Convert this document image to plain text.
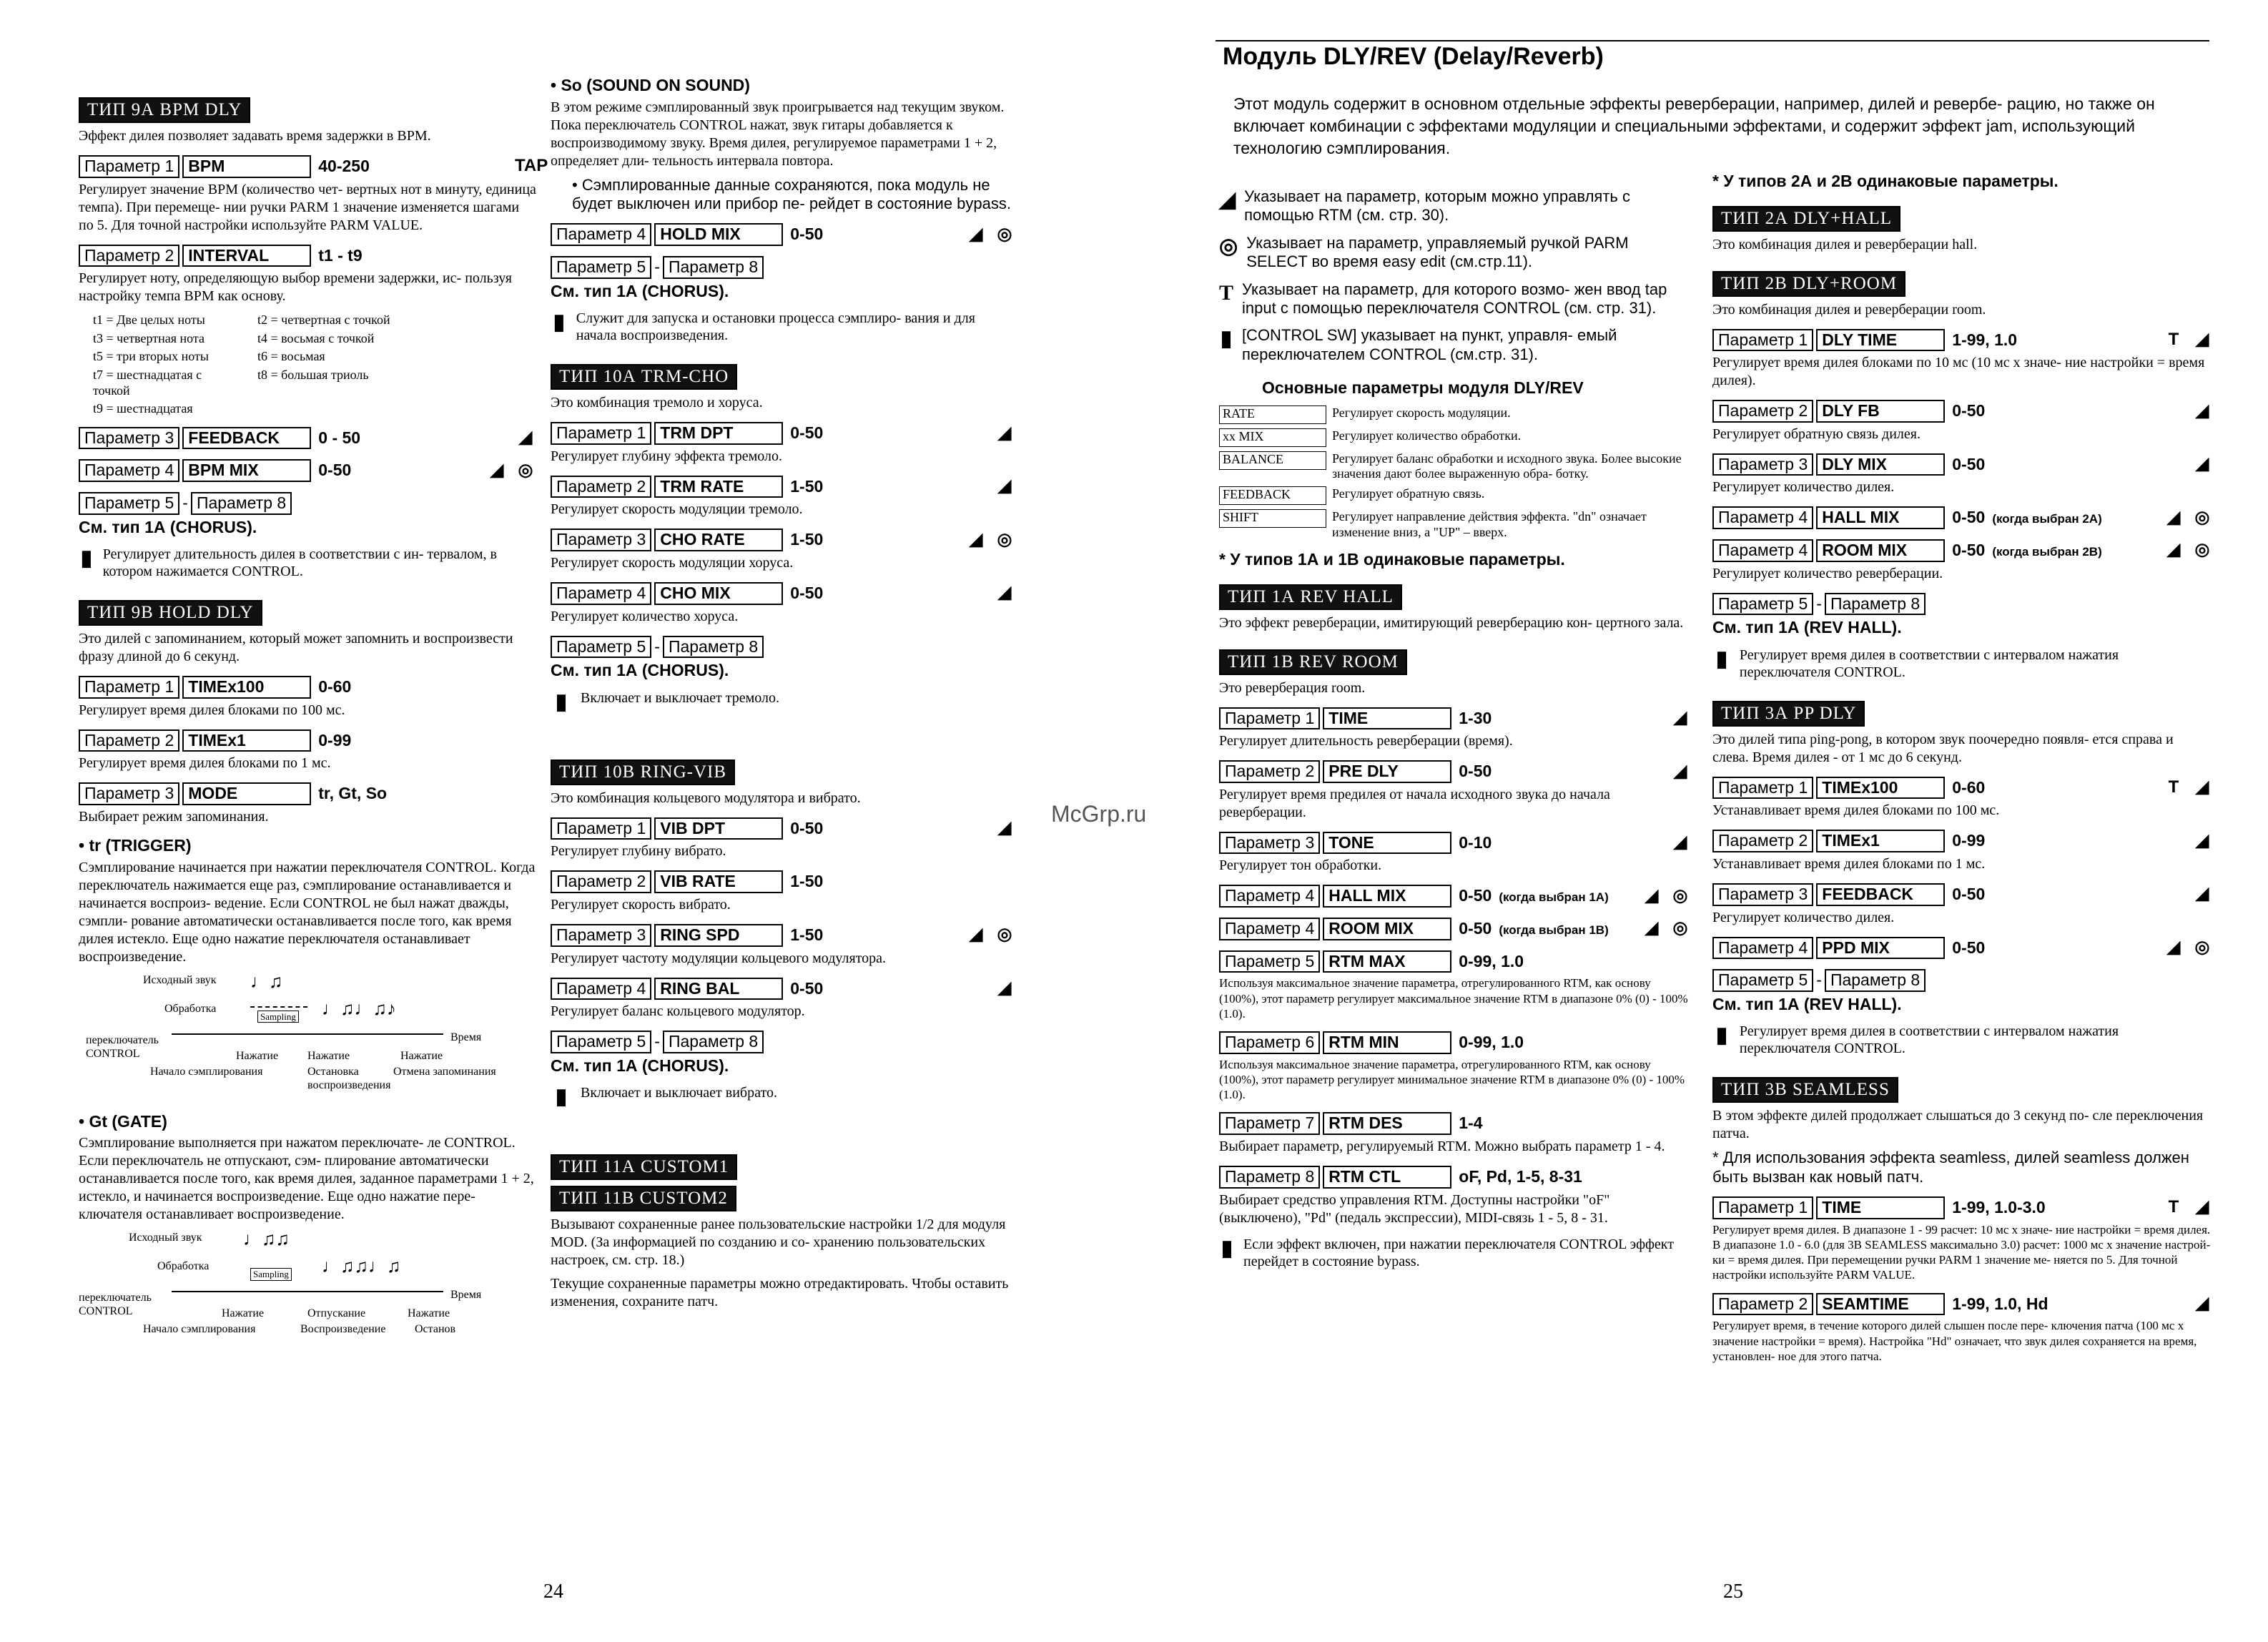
Модуль DLY/REV (Delay/Reverb)
Этот модуль содержит в основном отдельные эффекты реверберации, например, дилей и ревербе- рацию, но также он включает комбинации с эффектами модуляции и специальными эффектами, и содержит эффект jam, использующий технологию сэмплирования.
McGrp.ru
24	25
ТИП 9А BPM DLY
Эффект дилея позволяет задавать время задержки в BPM.
Параметр 1 BPM	40-250	TAP
Регулирует значение BPM (количество чет- вертных нот в минуту, единица темпа). При перемеще- нии ручки PARM 1 значение изменяется шагами по 5. Для точной настройки используйте PARM VALUE.
Параметр 2 INTERVAL	t1 - t9
Регулирует ноту, определяющую выбор времени задержки, ис- пользуя настройку темпа BPM как основу.
t1 = Две целых ноты	t2 = четвертная с точкой
t3 = четвертная нота	t4 = восьмая с точкой
t5 = три вторых ноты	t6 = восьмая
t7 = шестнадцатая с точкой
t8 = большая триоль
t9 = шестнадцатая
Параметр 3 FEEDBACK	0 - 50	◢
Параметр 4 BPM MIX	0-50	◢ ◎
Параметр 5 - Параметр 8
См. тип 1А (CHORUS).
▮ Регулирует длительность дилея в соответствии с ин- тервалом, в котором нажимается CONTROL.
ТИП 9В HOLD DLY
Это дилей с запоминанием, который может запомнить и воспроизвести фразу длиной до 6 секунд.
Параметр 1 TIMEx100	0-60
Регулирует время дилея блоками по 100 мс.
Параметр 2 TIMEx1	0-99
Регулирует время дилея блоками по 1 мс.
Параметр 3 MODE	tr, Gt, So
Выбирает режим запоминания.
• tr (TRIGGER)
Сэмплирование начинается при нажатии переключателя CONTROL. Когда переключатель нажимается еще раз, сэмплирование останавливается и начинается воспроиз- ведение. Если CONTROL не был нажат дважды, сэмпли- рование автоматически останавливается после того, как время дилея истекло. Еще одно нажатие переключателя останавливает воспроизведение.
Исходный звук ♩♫
Обработка
Sampling ♩♫♩♫♪
переключатель CONTROL
Время
Нажатие	Нажатие	Нажатие
Начало сэмплирования	Остановка воспроизведения
Отмена запоминания
• Gt (GATE)
Сэмплирование выполняется при нажатом переключате- ле CONTROL. Если переключатель не отпускают, сэм- плирование автоматически останавливается после того, как время дилея, заданное параметрами 1 + 2, истекло, и начинается воспроизведение. Еще одно нажатие пере- ключателя останавливает воспроизведение.
Исходный звук ♩♫♫
Обработка
Sampling ♩♫♫♩♫
переключатель CONTROL
Время
Нажатие	Отпускание	Нажатие
Начало сэмплирования	Воспроизведение	Останов
• So (SOUND ON SOUND)
В этом режиме сэмплированный звук проигрывается над текущим звуком. Пока переключатель CONTROL нажат, звук гитары добавляется к воспроизводимому звуку. Время дилея, регулируемое параметрами 1 + 2, определяет дли- тельность интервала повтора.
• Сэмплированные данные сохраняются, пока модуль не будет выключен или прибор пе- рейдет в состояние bypass.
Параметр 4 HOLD MIX	0-50	◢ ◎
Параметр 5 - Параметр 8
См. тип 1А (CHORUS).
▮ Служит для запуска и остановки процесса сэмплиро- вания и для начала воспроизведения.
ТИП 10А TRM-CHO
Это комбинация тремоло и хоруса.
Параметр 1 TRM DPT	0-50	◢
Регулирует глубину эффекта тремоло.
Параметр 2 TRM RATE	1-50	◢
Регулирует скорость модуляции тремоло.
Параметр 3 CHO RATE	1-50	◢ ◎
Регулирует скорость модуляции хоруса.
Параметр 4 CHO MIX	0-50	◢
Регулирует количество хоруса.
Параметр 5 - Параметр 8
См. тип 1А (CHORUS).
▮ Включает и выключает тремоло.
ТИП 10В RING-VIB
Это комбинация кольцевого модулятора и вибрато.
Параметр 1 VIB DPT	0-50	◢
Регулирует глубину вибрато.
Параметр 2 VIB RATE	1-50
Регулирует скорость вибрато.
Параметр 3 RING SPD	1-50	◢ ◎
Регулирует частоту модуляции кольцевого модулятора.
Параметр 4 RING BAL	0-50	◢
Регулирует баланс кольцевого модулятор.
Параметр 5 - Параметр 8
См. тип 1А (CHORUS).
▮ Включает и выключает вибрато.
ТИП 11А CUSTOM1
ТИП 11В CUSTOM2
Вызывают сохраненные ранее пользовательские настройки 1/2 для модуля MOD. (За информацией по созданию и со- хранению пользовательских настроек, см. стр. 18.)
Текущие сохраненные параметры можно отредактировать. Чтобы оставить изменения, сохраните патч.
◢ Указывает на параметр, которым можно управлять с помощью RTM (см. стр. 30).
◎ Указывает на параметр, управляемый ручкой PARM SELECT во время easy edit (см.стр.11).
T Указывает на параметр, для которого возмо- жен ввод tap input с помощью переключателя CONTROL (см. стр. 31).
▮ [CONTROL SW] указывает на пункт, управля- емый переключателем CONTROL (см.стр. 31).
Основные параметры модуля DLY/REV
RATE	Регулирует скорость модуляции.
xx MIX	Регулирует количество обработки.
BALANCE	Регулирует баланс обработки и исходного звука. Более высокие значения дают более выраженную обра- ботку.
FEEDBACK	Регулирует обратную связь.
SHIFT	Регулирует направление действия эффекта. "dn" означает изменение вниз, а "UP" – вверх.
* У типов 1А и 1В одинаковые параметры.
ТИП 1А REV HALL
Это эффект реверберации, имитирующий реверберацию кон- цертного зала.
ТИП 1В REV ROOM
Это реверберация room.
Параметр 1 TIME	1-30	◢
Регулирует длительность реверберации (время).
Параметр 2 PRE DLY	0-50	◢
Регулирует время предилея от начала исходного звука до начала реверберации.
Параметр 3 TONE	0-10	◢
Регулирует тон обработки.
Параметр 4 HALL MIX	0-50 (когда выбран 1А) ◢ ◎
Параметр 4 ROOM MIX	0-50 (когда выбран 1В) ◢ ◎
Параметр 5 RTM MAX	0-99, 1.0
Используя максимальное значение параметра, отрегулированного RTM, как основу (100%), этот параметр регулирует максимальное значение RTM в диапазоне 0% (0) - 100% (1.0).
Параметр 6 RTM MIN	0-99, 1.0
Используя максимальное значение параметра, отрегулированного RTM, как основу (100%), этот параметр регулирует минимальное значение RTM в диапазоне 0% (0) - 100% (1.0).
Параметр 7 RTM DES	1-4
Выбирает параметр, регулируемый RTM. Можно выбрать параметр 1 - 4.
Параметр 8 RTM CTL	oF, Pd, 1-5, 8-31
Выбирает средство управления RTM. Доступны настройки "oF" (выключено), "Pd" (педаль экспрессии), MIDI-связь 1 - 5, 8 - 31.
▮ Если эффект включен, при нажатии переключателя CONTROL эффект перейдет в состояние bypass.
* У типов 2А и 2В одинаковые параметры.
ТИП 2А DLY+HALL
Это комбинация дилея и реверберации hall.
ТИП 2В DLY+ROOM
Это комбинация дилея и реверберации room.
Параметр 1 DLY TIME	1-99, 1.0	T ◢
Регулирует время дилея блоками по 10 мс (10 мс х значе- ние настройки = время дилея).
Параметр 2 DLY FB	0-50	◢
Регулирует обратную связь дилея.
Параметр 3 DLY MIX	0-50	◢
Регулирует количество дилея.
Параметр 4 HALL MIX	0-50 (когда выбран 2А)	◢ ◎
Параметр 4 ROOM MIX	0-50 (когда выбран 2В)	◢ ◎
Регулирует количество реверберации.
Параметр 5 - Параметр 8
См. тип 1А (REV HALL).
▮ Регулирует время дилея в соответствии с интервалом нажатия переключателя CONTROL.
ТИП 3А PP DLY
Это дилей типа ping-pong, в котором звук поочередно появля- ется справа и слева. Время дилея - от 1 мс до 6 секунд.
Параметр 1 TIMEx100	0-60	T ◢
Устанавливает время дилея блоками по 100 мс.
Параметр 2 TIMEx1	0-99	◢
Устанавливает время дилея блоками по 1 мс.
Параметр 3 FEEDBACK	0-50	◢
Регулирует количество дилея.
Параметр 4 PPD MIX	0-50	◢ ◎
Параметр 5 - Параметр 8
См. тип 1А (REV HALL).
▮ Регулирует время дилея в соответствии с интервалом нажатия переключателя CONTROL.
ТИП 3В SEAMLESS
В этом эффекте дилей продолжает слышаться до 3 секунд по- сле переключения патча.
* Для использования эффекта seamless, дилей seamless должен быть вызван как новый патч.
Параметр 1 TIME	1-99, 1.0-3.0	T ◢
Регулирует время дилея. В диапазоне 1 - 99 расчет: 10 мс х значе- ние настройки = время дилея. В диапазоне 1.0 - 6.0 (для 3В SEAMLESS максимально 3.0) расчет: 1000 мс х значение настрой- ки = время дилея. При перемещении ручки PARM 1 значение ме- няется по 5. Для точной настройки используйте PARM VALUE.
Параметр 2 SEAMTIME	1-99, 1.0, Hd	◢
Регулирует время, в течение которого дилей слышен после пере- ключения патча (100 мс х значение настройки = время). Настройка "Hd" означает, что звук дилея сохраняется на время, установлен- ное для этого патча.
